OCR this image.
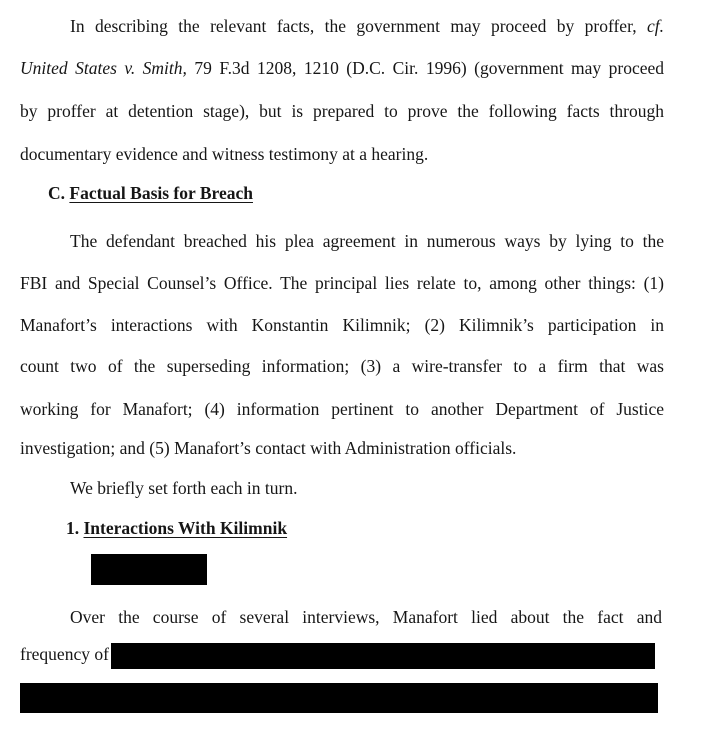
In describing the relevant facts, the government may proceed by proffer, cf.
United States v. Smith, 79 F.3d 1208, 1210 (D.C. Cir. 1996) (government may proceed
by proffer at detention stage), but is prepared to prove the following facts through
documentary evidence and witness testimony at a hearing.
C. Factual Basis for Breach
The defendant breached his plea agreement in numerous ways by lying to the
FBI and Special Counsel’s Office. The principal lies relate to, among other things: (1)
Manafort’s interactions with Konstantin Kilimnik; (2) Kilimnik’s participation in
count two of the superseding information; (3) a wire-transfer to a firm that was
working for Manafort; (4) information pertinent to another Department of Justice
investigation; and (5) Manafort’s contact with Administration officials.
We briefly set forth each in turn.
1. Interactions With Kilimnik
Over the course of several interviews, Manafort lied about the fact and
frequency of
